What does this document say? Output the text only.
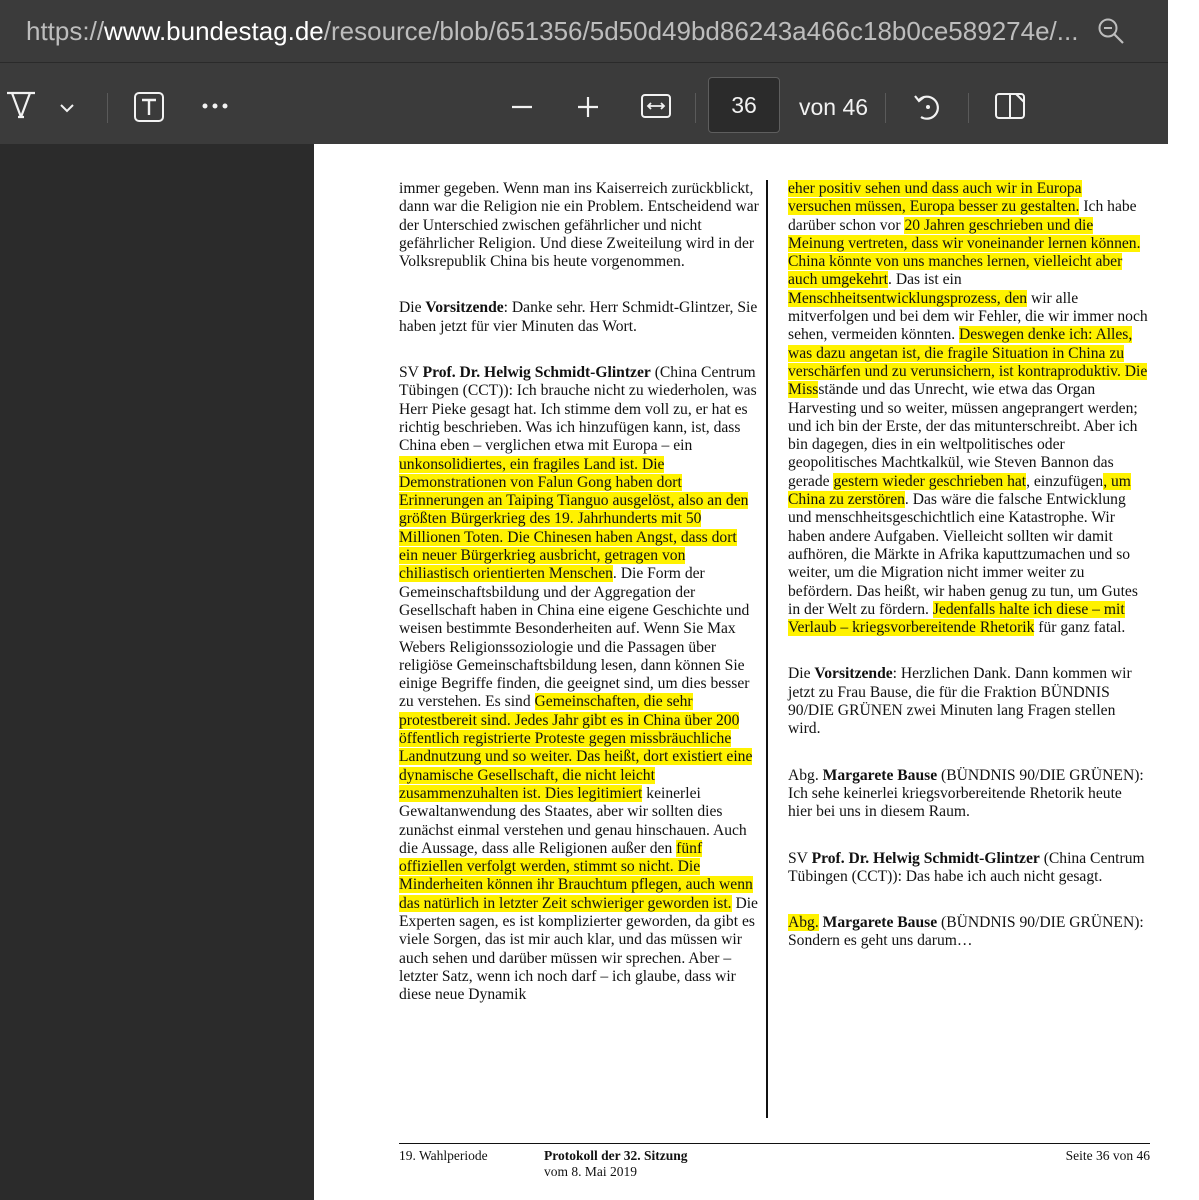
https://www.bundestag.de/resource/blob/651356/5d50d49bd86243a466c18b0ce589274e/...
36	von 46

immer gegeben. Wenn man ins Kaiserreich zurückblickt, dann war die Religion nie ein Problem. Entscheidend war der Unterschied zwischen gefährlicher und nicht gefährlicher Religion. Und diese Zweiteilung wird in der Volksrepublik China bis heute vorgenommen.

Die Vorsitzende: Danke sehr. Herr Schmidt-Glintzer, Sie haben jetzt für vier Minuten das Wort.

SV Prof. Dr. Helwig Schmidt-Glintzer (China Centrum Tübingen (CCT)): Ich brauche nicht zu wiederholen, was Herr Pieke gesagt hat. Ich stimme dem voll zu, er hat es richtig beschrieben. Was ich hinzufügen kann, ist, dass China eben – verglichen etwa mit Europa – ein unkonsolidiertes, ein fragiles Land ist. Die Demonstrationen von Falun Gong haben dort Erinnerungen an Taiping Tianguo ausgelöst, also an den größten Bürgerkrieg des 19. Jahrhunderts mit 50 Millionen Toten. Die Chinesen haben Angst, dass dort ein neuer Bürgerkrieg ausbricht, getragen von chiliastisch orientierten Menschen. Die Form der Gemeinschaftsbildung und der Aggregation der Gesellschaft haben in China eine eigene Geschichte und weisen bestimmte Besonderheiten auf. Wenn Sie Max Webers Religionssoziologie und die Passagen über religiöse Gemeinschaftsbildung lesen, dann können Sie einige Begriffe finden, die geeignet sind, um dies besser zu verstehen. Es sind Gemeinschaften, die sehr protestbereit sind. Jedes Jahr gibt es in China über 200 öffentlich registrierte Proteste gegen missbräuchliche Landnutzung und so weiter. Das heißt, dort existiert eine dynamische Gesellschaft, die nicht leicht zusammenzuhalten ist. Dies legitimiert keinerlei Gewaltanwendung des Staates, aber wir sollten dies zunächst einmal verstehen und genau hinschauen. Auch die Aussage, dass alle Religionen außer den fünf offiziellen verfolgt werden, stimmt so nicht. Die Minderheiten können ihr Brauchtum pflegen, auch wenn das natürlich in letzter Zeit schwieriger geworden ist. Die Experten sagen, es ist komplizierter geworden, da gibt es viele Sorgen, das ist mir auch klar, und das müssen wir auch sehen und darüber müssen wir sprechen. Aber – letzter Satz, wenn ich noch darf – ich glaube, dass wir diese neue Dynamik

eher positiv sehen und dass auch wir in Europa versuchen müssen, Europa besser zu gestalten. Ich habe darüber schon vor 20 Jahren geschrieben und die Meinung vertreten, dass wir voneinander lernen können. China könnte von uns manches lernen, vielleicht aber auch umgekehrt. Das ist ein Menschheitsentwicklungsprozess, den wir alle mitverfolgen und bei dem wir Fehler, die wir immer noch sehen, vermeiden könnten. Deswegen denke ich: Alles, was dazu angetan ist, die fragile Situation in China zu verschärfen und zu verunsichern, ist kontraproduktiv. Die Missstände und das Unrecht, wie etwa das Organ Harvesting und so weiter, müssen angeprangert werden; und ich bin der Erste, der das mitunterschreibt. Aber ich bin dagegen, dies in ein weltpolitisches oder geopolitisches Machtkalkül, wie Steven Bannon das gerade gestern wieder geschrieben hat, einzufügen, um China zu zerstören. Das wäre die falsche Entwicklung und menschheitsgeschichtlich eine Katastrophe. Wir haben andere Aufgaben. Vielleicht sollten wir damit aufhören, die Märkte in Afrika kaputtzumachen und so weiter, um die Migration nicht immer weiter zu befördern. Das heißt, wir haben genug zu tun, um Gutes in der Welt zu fördern. Jedenfalls halte ich diese – mit Verlaub – kriegsvorbereitende Rhetorik für ganz fatal.

Die Vorsitzende: Herzlichen Dank. Dann kommen wir jetzt zu Frau Bause, die für die Fraktion BÜNDNIS 90/DIE GRÜNEN zwei Minuten lang Fragen stellen wird.

Abg. Margarete Bause (BÜNDNIS 90/DIE GRÜNEN): Ich sehe keinerlei kriegsvorbereitende Rhetorik heute hier bei uns in diesem Raum.

SV Prof. Dr. Helwig Schmidt-Glintzer (China Centrum Tübingen (CCT)): Das habe ich auch nicht gesagt.

Abg. Margarete Bause (BÜNDNIS 90/DIE GRÜNEN): Sondern es geht uns darum…

19. Wahlperiode	Protokoll der 32. Sitzung
vom 8. Mai 2019
Seite 36 von 46
